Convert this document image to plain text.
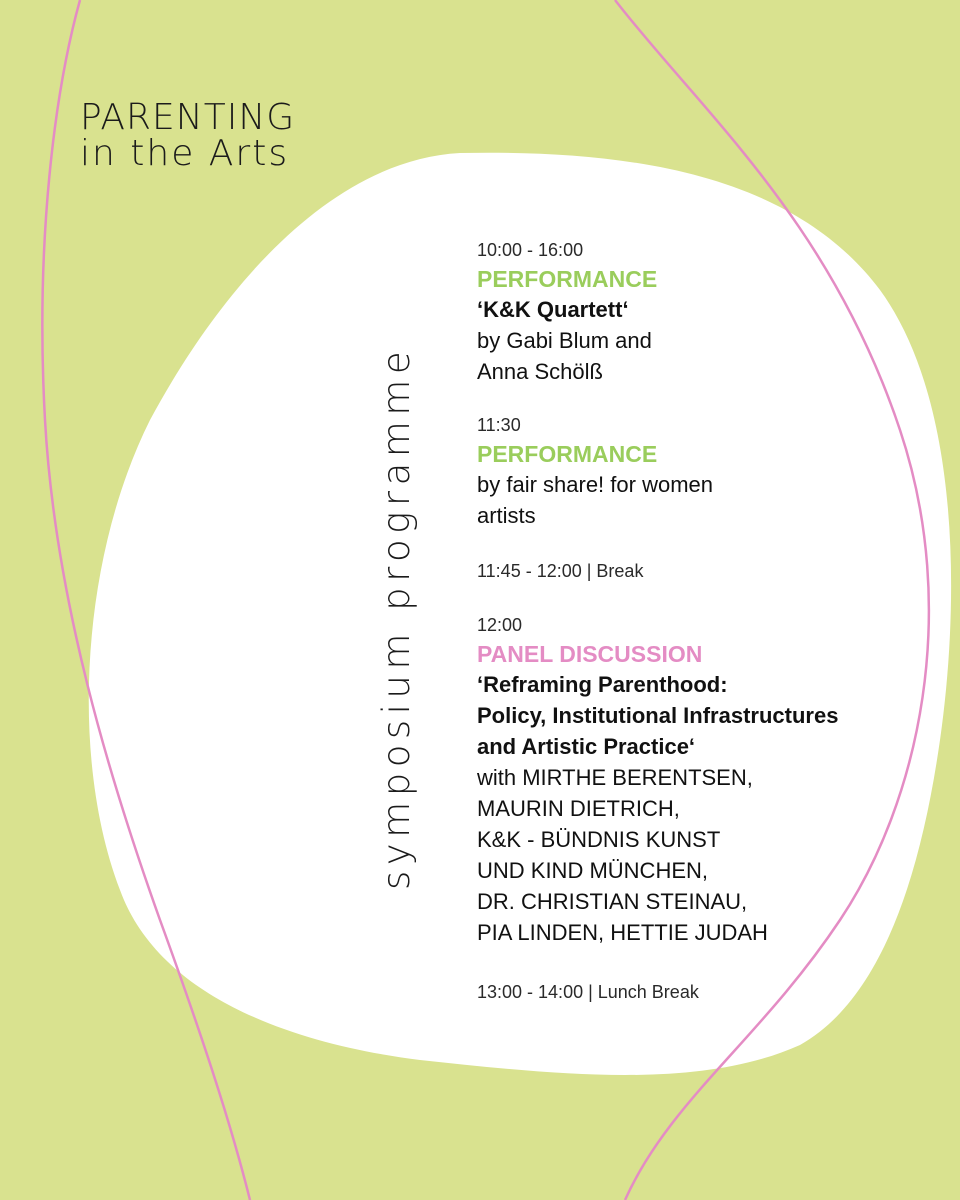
PARENTING
in the Arts
symposium programme
10:00 - 16:00
PERFORMANCE
‘K&K Quartett‘
by Gabi Blum and
Anna Schölß
11:30
PERFORMANCE
by fair share! for women
artists
11:45 - 12:00 | Break
12:00
PANEL DISCUSSION
‘Reframing Parenthood:
Policy, Institutional Infrastructures
and Artistic Practice‘
with MIRTHE BERENTSEN,
MAURIN DIETRICH,
K&K - BÜNDNIS KUNST
UND KIND MÜNCHEN,
DR. CHRISTIAN STEINAU,
PIA LINDEN, HETTIE JUDAH
13:00 - 14:00 | Lunch Break
